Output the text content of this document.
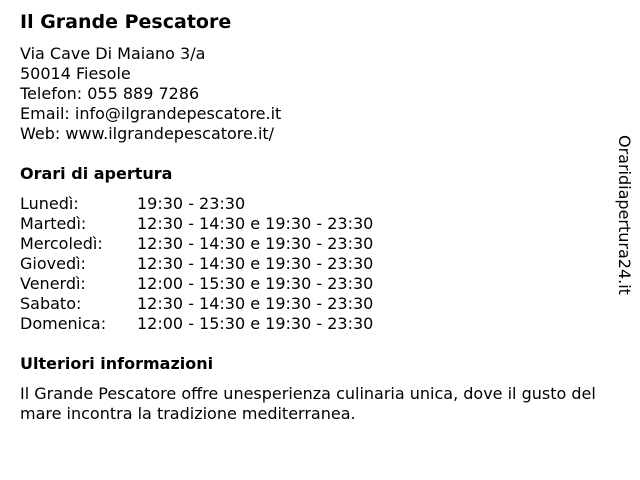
Il Grande Pescatore
Via Cave Di Maiano 3/a
50014 Fiesole
Telefon: 055 889 7286
Email: info@ilgrandepescatore.it
Web: www.ilgrandepescatore.it/
Orari di apertura
Lunedì:	19:30 - 23:30
Martedì:	12:30 - 14:30 e 19:30 - 23:30
Mercoledì:	12:30 - 14:30 e 19:30 - 23:30
Giovedì:	12:30 - 14:30 e 19:30 - 23:30
Venerdì:	12:00 - 15:30 e 19:30 - 23:30
Sabato:	12:30 - 14:30 e 19:30 - 23:30
Domenica:	12:00 - 15:30 e 19:30 - 23:30
Ulteriori informazioni
Il Grande Pescatore offre unesperienza culinaria unica, dove il gusto del mare incontra la tradizione mediterranea.
Oraridiapertura24.it
